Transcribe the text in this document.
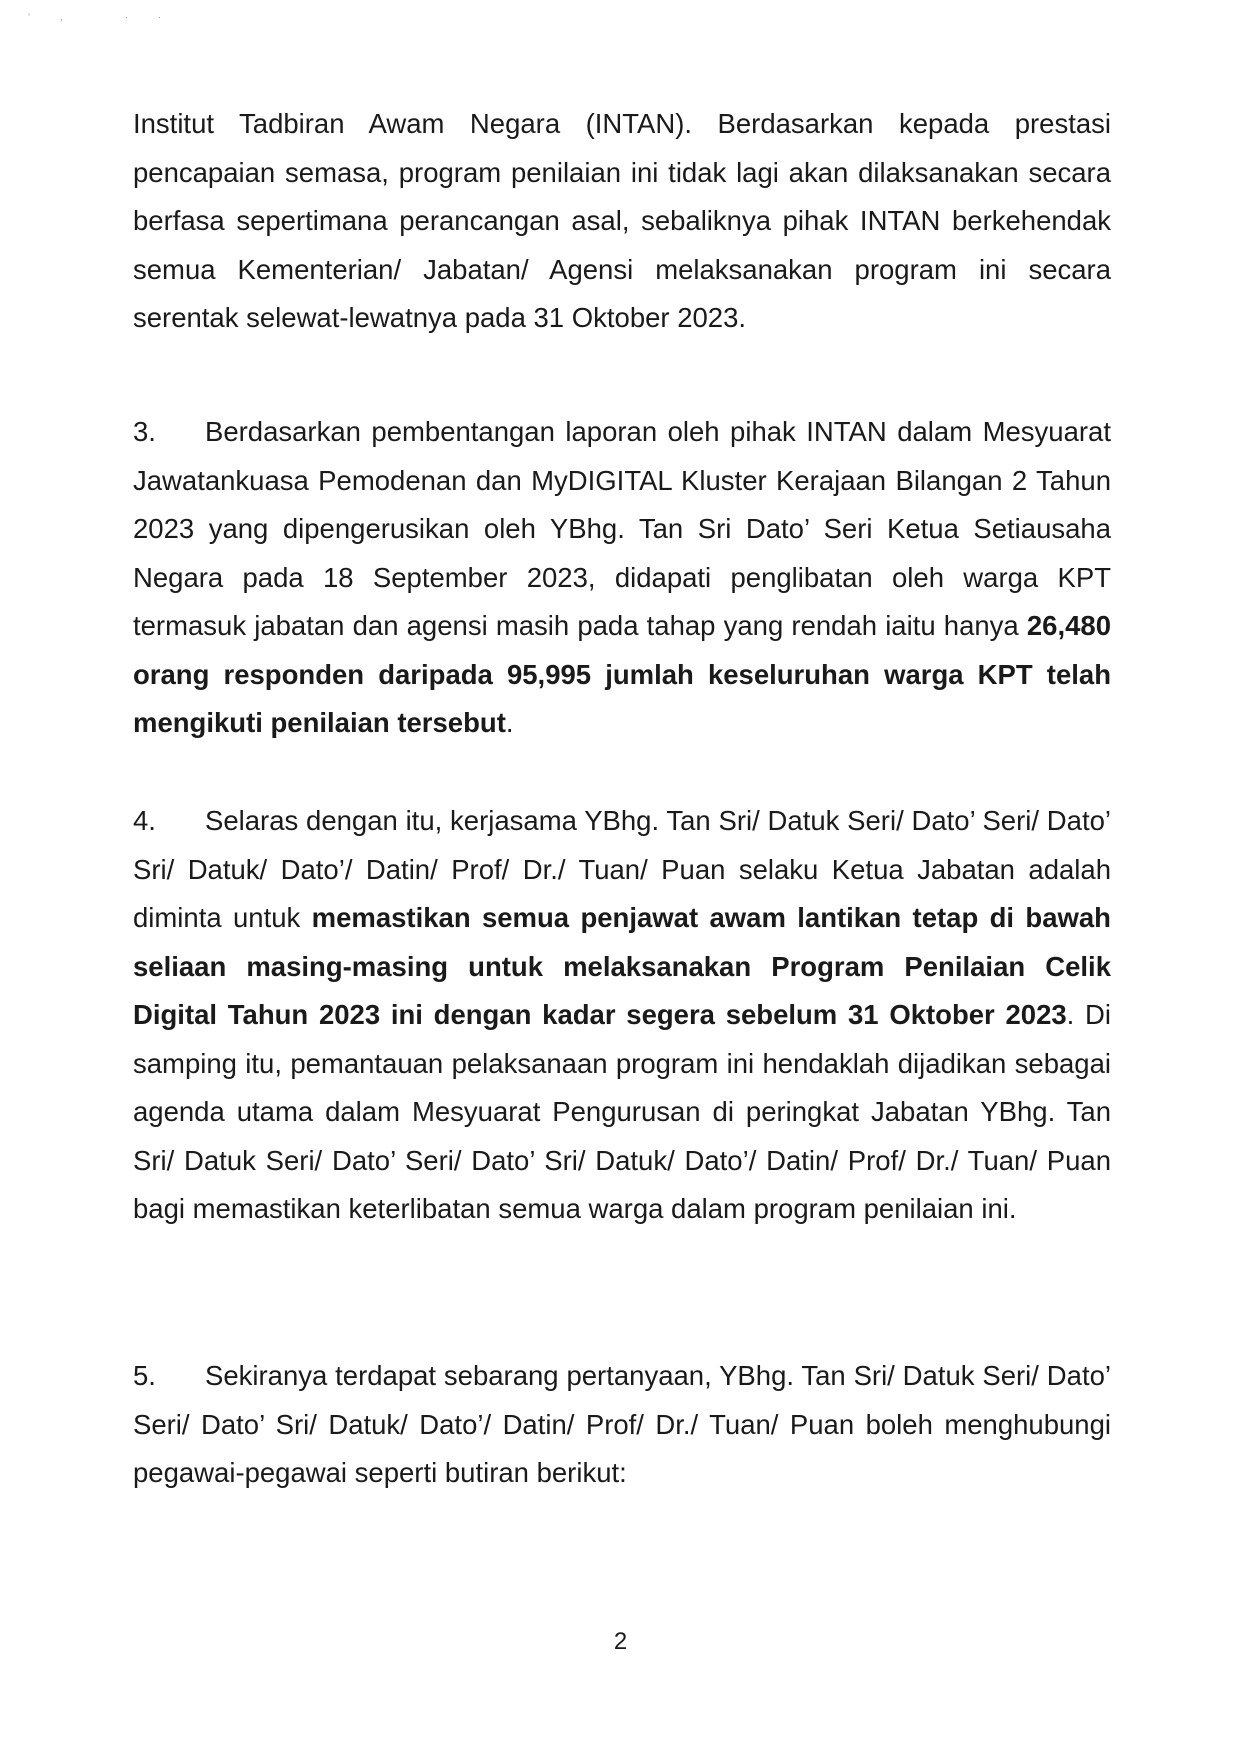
’, ··

Institut Tadbiran Awam Negara (INTAN). Berdasarkan kepada prestasi pencapaian semasa, program penilaian ini tidak lagi akan dilaksanakan secara berfasa sepertimana perancangan asal, sebaliknya pihak INTAN berkehendak semua Kementerian/ Jabatan/ Agensi melaksanakan program ini secara serentak selewat-lewatnya pada 31 Oktober 2023.

3. Berdasarkan pembentangan laporan oleh pihak INTAN dalam Mesyuarat Jawatankuasa Pemodenan dan MyDIGITAL Kluster Kerajaan Bilangan 2 Tahun 2023 yang dipengerusikan oleh YBhg. Tan Sri Dato’ Seri Ketua Setiausaha Negara pada 18 September 2023, didapati penglibatan oleh warga KPT termasuk jabatan dan agensi masih pada tahap yang rendah iaitu hanya 26,480 orang responden daripada 95,995 jumlah keseluruhan warga KPT telah mengikuti penilaian tersebut.

4. Selaras dengan itu, kerjasama YBhg. Tan Sri/ Datuk Seri/ Dato’ Seri/ Dato’ Sri/ Datuk/ Dato’/ Datin/ Prof/ Dr./ Tuan/ Puan selaku Ketua Jabatan adalah diminta untuk memastikan semua penjawat awam lantikan tetap di bawah seliaan masing-masing untuk melaksanakan Program Penilaian Celik Digital Tahun 2023 ini dengan kadar segera sebelum 31 Oktober 2023. Di samping itu, pemantauan pelaksanaan program ini hendaklah dijadikan sebagai agenda utama dalam Mesyuarat Pengurusan di peringkat Jabatan YBhg. Tan Sri/ Datuk Seri/ Dato’ Seri/ Dato’ Sri/ Datuk/ Dato’/ Datin/ Prof/ Dr./ Tuan/ Puan bagi memastikan keterlibatan semua warga dalam program penilaian ini.

5. Sekiranya terdapat sebarang pertanyaan, YBhg. Tan Sri/ Datuk Seri/ Dato’ Seri/ Dato’ Sri/ Datuk/ Dato’/ Datin/ Prof/ Dr./ Tuan/ Puan boleh menghubungi pegawai-pegawai seperti butiran berikut:

2
